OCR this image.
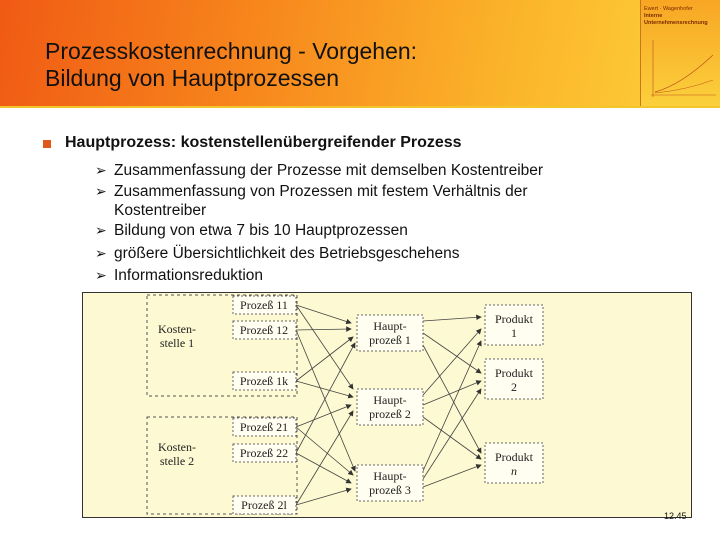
Prozesskostenrechnung - Vorgehen:
Bildung von Hauptprozessen
Ewert · Wagenhofer
Interne
Unternehmensrechnung
Hauptprozess: kostenstellenübergreifender Prozess
➢ Zusammenfassung der Prozesse mit demselben Kostentreiber
➢ Zusammenfassung von Prozessen mit festem Verhältnis der
Kostentreiber
➢ Bildung von etwa 7 bis 10 Hauptprozessen
➢ größere Übersichtlichkeit des Betriebsgeschehens
➢ Informationsreduktion
Kosten-
stelle 1
Kosten-
stelle 2
Prozeß 11
Prozeß 12
Prozeß 1k
Prozeß 21
Prozeß 22
Prozeß 2l
Haupt-
prozeß 1
Haupt-
prozeß 2
Haupt-
prozeß 3
Produkt
1
Produkt
2
Produkt
n
12.45
